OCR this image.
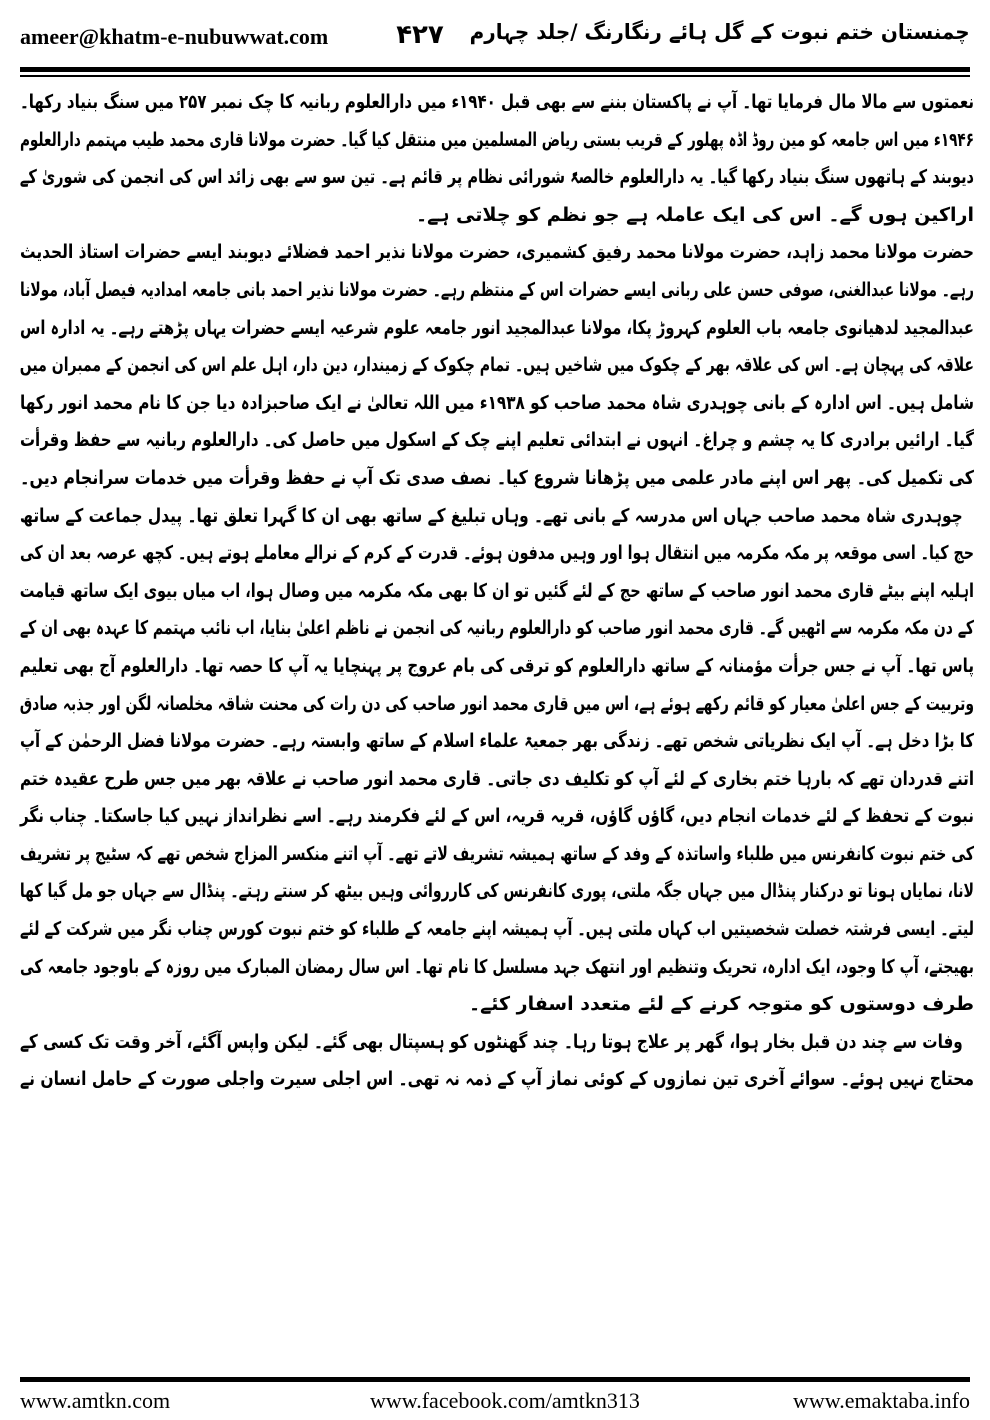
ameer@khatm-e-nubuwwat.com	۴۲۷ چمنستان ختم نبوت کے گل ہائے رنگارنگ /جلد چہارم
نعمتوں سے مالا مال فرمایا تھا۔ آپ نے پاکستان بننے سے بھی قبل ۱۹۴۰ء میں دارالعلوم ربانیہ کا چک نمبر ۲۵۷ میں سنگ بنیاد رکھا۔
۱۹۴۶ء میں اس جامعہ کو مین روڈ اڈہ پھلور کے قریب بستی ریاض المسلمین میں منتقل کیا گیا۔ حضرت مولانا قاری محمد طیب مہتمم دارالعلوم
دیوبند کے ہاتھوں سنگ بنیاد رکھا گیا۔ یہ دارالعلوم خالصۃً شورائی نظام پر قائم ہے۔ تین سو سے بھی زائد اس کی انجمن کی شوریٰ کے
اراکین ہوں گے۔ اس کی ایک عاملہ ہے جو نظم کو چلاتی ہے۔
حضرت مولانا محمد زاہد، حضرت مولانا محمد رفیق کشمیری، حضرت مولانا نذیر احمد فضلائے دیوبند ایسے حضرات استاذ الحدیث
رہے۔ مولانا عبدالغنی، صوفی حسن علی ربانی ایسے حضرات اس کے منتظم رہے۔ حضرت مولانا نذیر احمد بانی جامعہ امدادیہ فیصل آباد، مولانا
عبدالمجید لدھیانوی جامعہ باب العلوم کہروڑ پکا، مولانا عبدالمجید انور جامعہ علوم شرعیہ ایسے حضرات یہاں پڑھتے رہے۔ یہ ادارہ اس
علاقہ کی پہچان ہے۔ اس کی علاقہ بھر کے چکوک میں شاخیں ہیں۔ تمام چکوک کے زمیندار، دین دار، اہل علم اس کی انجمن کے ممبران میں
شامل ہیں۔ اس ادارہ کے بانی چوہدری شاہ محمد صاحب کو ۱۹۳۸ء میں اللہ تعالیٰ نے ایک صاحبزادہ دیا جن کا نام محمد انور رکھا
گیا۔ ارائیں برادری کا یہ چشم و چراغ۔ انہوں نے ابتدائی تعلیم اپنے چک کے اسکول میں حاصل کی۔ دارالعلوم ربانیہ سے حفظ وقرأت
کی تکمیل کی۔ پھر اس اپنے مادر علمی میں پڑھانا شروع کیا۔ نصف صدی تک آپ نے حفظ وقرأت میں خدمات سرانجام دیں۔
چوہدری شاہ محمد صاحب جہاں اس مدرسہ کے بانی تھے۔ وہاں تبلیغ کے ساتھ بھی ان کا گہرا تعلق تھا۔ پیدل جماعت کے ساتھ
حج کیا۔ اسی موقعہ پر مکہ مکرمہ میں انتقال ہوا اور وہیں مدفون ہوئے۔ قدرت کے کرم کے نرالے معاملے ہوتے ہیں۔ کچھ عرصہ بعد ان کی
اہلیہ اپنے بیٹے قاری محمد انور صاحب کے ساتھ حج کے لئے گئیں تو ان کا بھی مکہ مکرمہ میں وصال ہوا، اب میاں بیوی ایک ساتھ قیامت
کے دن مکہ مکرمہ سے اٹھیں گے۔ قاری محمد انور صاحب کو دارالعلوم ربانیہ کی انجمن نے ناظم اعلیٰ بنایا، اب نائب مہتمم کا عہدہ بھی ان کے
پاس تھا۔ آپ نے جس جرأت مؤمنانہ کے ساتھ دارالعلوم کو ترقی کی بام عروج پر پہنچایا یہ آپ کا حصہ تھا۔ دارالعلوم آج بھی تعلیم
وتربیت کے جس اعلیٰ معیار کو قائم رکھے ہوئے ہے، اس میں قاری محمد انور صاحب کی دن رات کی محنت شاقہ مخلصانہ لگن اور جذبہ صادق
کا بڑا دخل ہے۔ آپ ایک نظریاتی شخص تھے۔ زندگی بھر جمعیۃ علماء اسلام کے ساتھ وابستہ رہے۔ حضرت مولانا فضل الرحمٰن کے آپ
اتنے قدردان تھے کہ بارہا ختم بخاری کے لئے آپ کو تکلیف دی جاتی۔ قاری محمد انور صاحب نے علاقہ بھر میں جس طرح عقیدہ ختم
نبوت کے تحفظ کے لئے خدمات انجام دیں، گاؤں گاؤں، قریہ قریہ، اس کے لئے فکرمند رہے۔ اسے نظرانداز نہیں کیا جاسکتا۔ چناب نگر
کی ختم نبوت کانفرنس میں طلباء واساتذہ کے وفد کے ساتھ ہمیشہ تشریف لاتے تھے۔ آپ اتنے منکسر المزاج شخص تھے کہ سٹیج پر تشریف
لانا، نمایاں ہونا تو درکنار پنڈال میں جہاں جگہ ملتی، پوری کانفرنس کی کارروائی وہیں بیٹھ کر سنتے رہتے۔ پنڈال سے جہاں جو مل گیا کھا
لیتے۔ ایسی فرشتہ خصلت شخصیتیں اب کہاں ملتی ہیں۔ آپ ہمیشہ اپنے جامعہ کے طلباء کو ختم نبوت کورس چناب نگر میں شرکت کے لئے
بھیجتے، آپ کا وجود، ایک ادارہ، تحریک وتنظیم اور انتھک جہد مسلسل کا نام تھا۔ اس سال رمضان المبارک میں روزہ کے باوجود جامعہ کی
طرف دوستوں کو متوجہ کرنے کے لئے متعدد اسفار کئے۔
وفات سے چند دن قبل بخار ہوا، گھر پر علاج ہوتا رہا۔ چند گھنٹوں کو ہسپتال بھی گئے۔ لیکن واپس آگئے، آخر وقت تک کسی کے
محتاج نہیں ہوئے۔ سوائے آخری تین نمازوں کے کوئی نماز آپ کے ذمہ نہ تھی۔ اس اجلی سیرت واجلی صورت کے حامل انسان نے
www.amtkn.com	www.facebook.com/amtkn313	www.emaktaba.info
